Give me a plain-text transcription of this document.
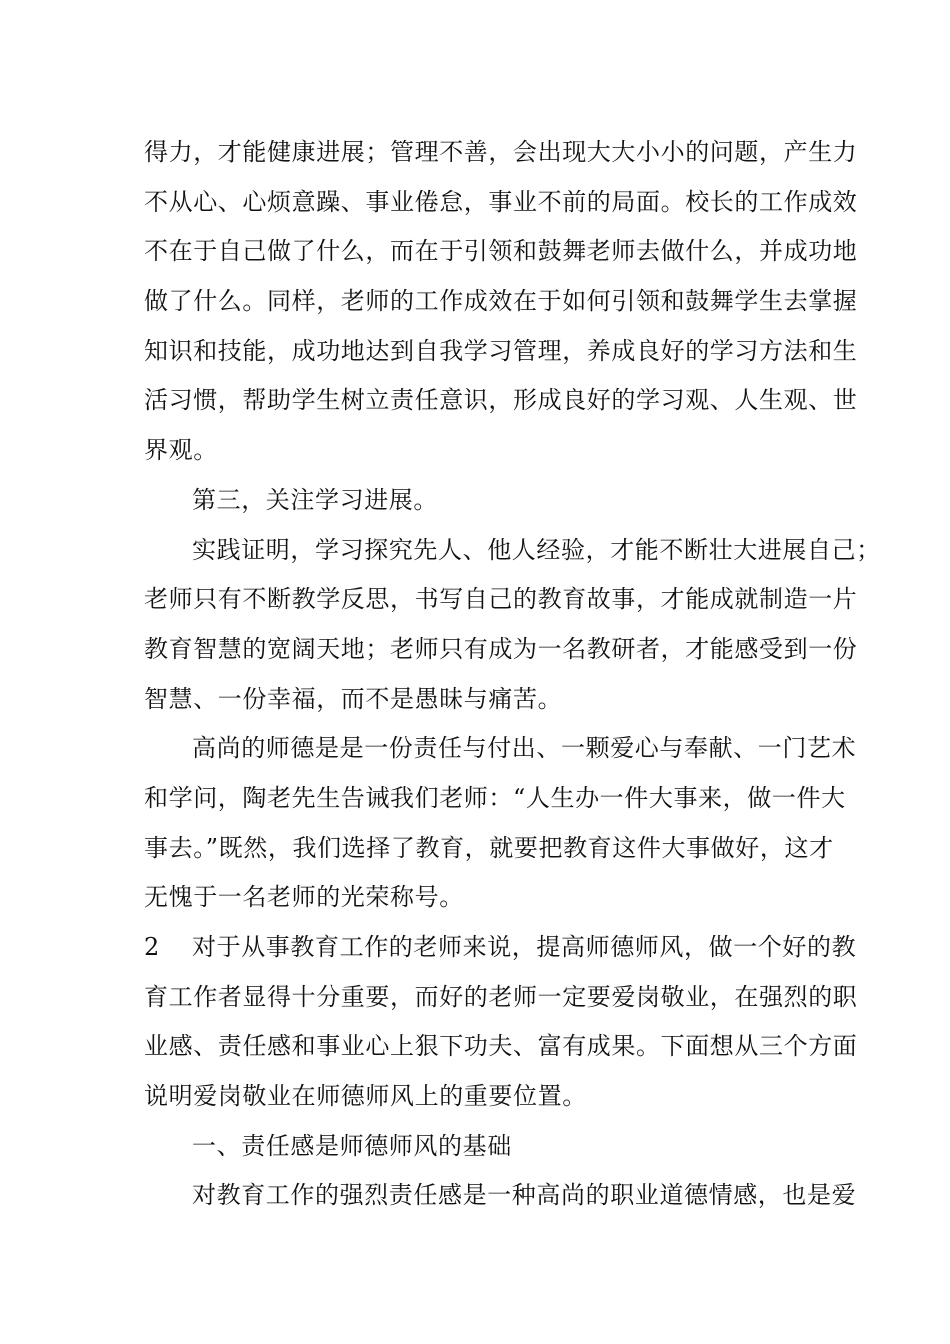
得力，才能健康进展；管理不善，会出现大大小小的问题，产生力
不从心、心烦意躁、事业倦怠，事业不前的局面。校长的工作成效
不在于自己做了什么，而在于引领和鼓舞老师去做什么，并成功地
做了什么。同样，老师的工作成效在于如何引领和鼓舞学生去掌握
知识和技能，成功地达到自我学习管理，养成良好的学习方法和生
活习惯，帮助学生树立责任意识，形成良好的学习观、人生观、世
界观。
第三，关注学习进展。
实践证明，学习探究先人、他人经验，才能不断壮大进展自己；
老师只有不断教学反思，书写自己的教育故事，才能成就制造一片
教育智慧的宽阔天地；老师只有成为一名教研者，才能感受到一份
智慧、一份幸福，而不是愚昧与痛苦。
高尚的师德是是一份责任与付出、一颗爱心与奉献、一门艺术
和学问，陶老先生告诫我们老师：“人生办一件大事来，做一件大
事去。”既然，我们选择了教育，就要把教育这件大事做好，这才
无愧于一名老师的光荣称号。
2 对于从事教育工作的老师来说，提高师德师风，做一个好的教
育工作者显得十分重要，而好的老师一定要爱岗敬业，在强烈的职
业感、责任感和事业心上狠下功夫、富有成果。下面想从三个方面
说明爱岗敬业在师德师风上的重要位置。
一、责任感是师德师风的基础
对教育工作的强烈责任感是一种高尚的职业道德情感，也是爱
